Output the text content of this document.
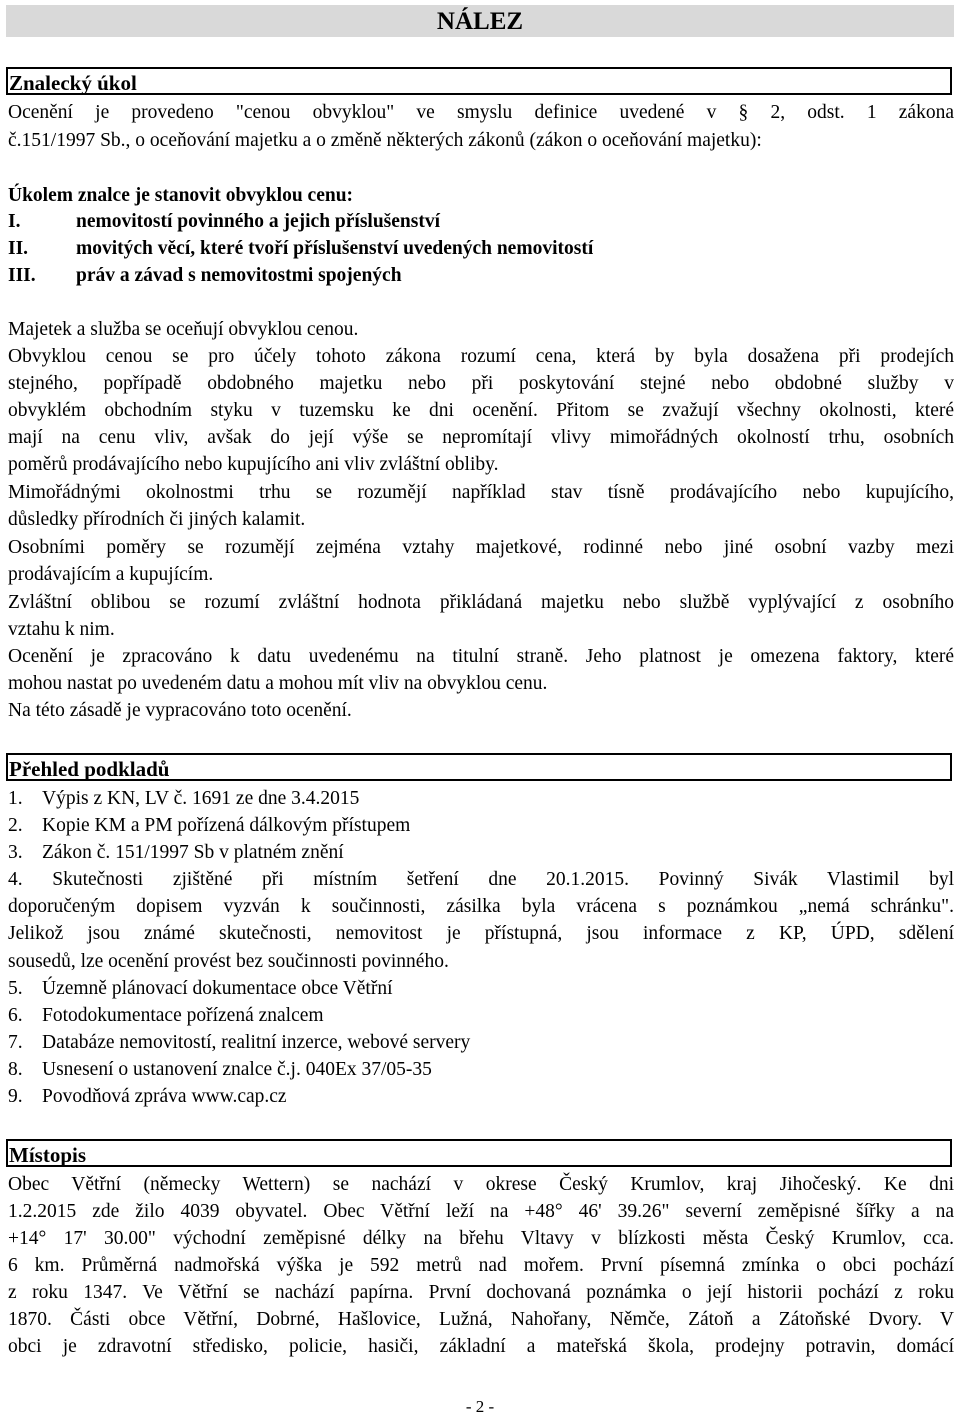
NÁLEZ
Znalecký úkol
Ocenění je provedeno "cenou obvyklou" ve smyslu definice uvedené v § 2, odst. 1 zákona
č.151/1997 Sb., o oceňování majetku a o změně některých zákonů (zákon o oceňování majetku):
Úkolem znalce je stanovit obvyklou cenu:
I.	nemovitostí povinného a jejich příslušenství
II. movitých věcí, které tvoří příslušenství uvedených nemovitostí
III. práv a závad s nemovitostmi spojených
Majetek a služba se oceňují obvyklou cenou.
Obvyklou cenou se pro účely tohoto zákona rozumí cena, která by byla dosažena při prodejích
stejného, popřípadě obdobného majetku nebo při poskytování stejné nebo obdobné služby v
obvyklém obchodním styku v tuzemsku ke dni ocenění. Přitom se zvažují všechny okolnosti, které
mají na cenu vliv, avšak do její výše se nepromítají vlivy mimořádných okolností trhu, osobních
poměrů prodávajícího nebo kupujícího ani vliv zvláštní obliby.
Mimořádnými okolnostmi trhu se rozumějí například stav tísně prodávajícího nebo kupujícího,
důsledky přírodních či jiných kalamit.
Osobními poměry se rozumějí zejména vztahy majetkové, rodinné nebo jiné osobní vazby mezi
prodávajícím a kupujícím.
Zvláštní oblibou se rozumí zvláštní hodnota přikládaná majetku nebo službě vyplývající z osobního
vztahu k nim.
Ocenění je zpracováno k datu uvedenému na titulní straně. Jeho platnost je omezena faktory, které
mohou nastat po uvedeném datu a mohou mít vliv na obvyklou cenu.
Na této zásadě je vypracováno toto ocenění.
Přehled podkladů
1. Výpis z KN, LV č. 1691 ze dne 3.4.2015
2. Kopie KM a PM pořízená dálkovým přístupem
3. Zákon č. 151/1997 Sb v platném znění
4. Skutečnosti zjištěné při místním šetření dne 20.1.2015. Povinný Sivák Vlastimil byl
doporučeným dopisem vyzván k součinnosti, zásilka byla vrácena s poznámkou „nemá schránku".
Jelikož jsou známé skutečnosti, nemovitost je přístupná, jsou informace z KP, ÚPD, sdělení
sousedů, lze ocenění provést bez součinnosti povinného.
5. Územně plánovací dokumentace obce Větřní
6. Fotodokumentace pořízená znalcem
7. Databáze nemovitostí, realitní inzerce, webové servery
8. Usnesení o ustanovení znalce č.j. 040Ex 37/05-35
9. Povodňová zpráva www.cap.cz
Místopis
Obec Větřní (německy Wettern) se nachází v okrese Český Krumlov, kraj Jihočeský. Ke dni
1.2.2015 zde žilo 4039 obyvatel. Obec Větřní leží na +48° 46' 39.26" severní zeměpisné šířky a na
+14° 17' 30.00" východní zeměpisné délky na břehu Vltavy v blízkosti města Český Krumlov, cca.
6 km. Průměrná nadmořská výška je 592 metrů nad mořem. První písemná zmínka o obci pochází
z roku 1347. Ve Větřní se nachází papírna. První dochovaná poznámka o její historii pochází z roku
1870. Části obce Větřní, Dobrné, Hašlovice, Lužná, Nahořany, Němče, Zátoň a Zátoňské Dvory. V
obci je zdravotní středisko, policie, hasiči, základní a mateřská škola, prodejny potravin, domácí
- 2 -
